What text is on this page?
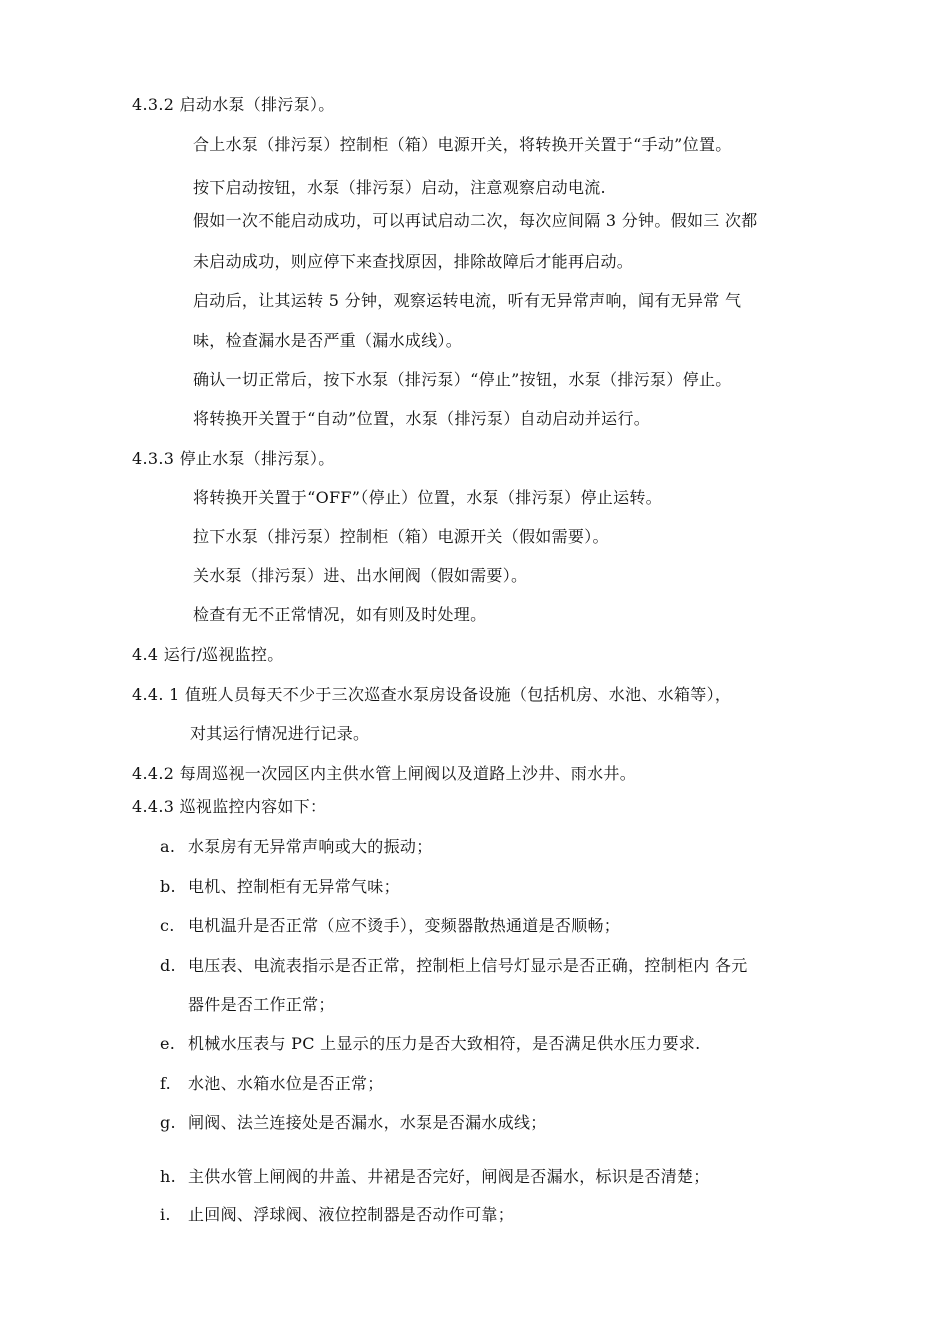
4.3.2 启动水泵（排污泵）。
合上水泵（排污泵）控制柜（箱）电源开关，将转换开关置于“手动”位置。
按下启动按钮，水泵（排污泵）启动，注意观察启动电流.
假如一次不能启动成功，可以再试启动二次，每次应间隔 3 分钟。假如三 次都
未启动成功，则应停下来查找原因，排除故障后才能再启动。
启动后，让其运转 5 分钟，观察运转电流，听有无异常声响，闻有无异常 气
味，检查漏水是否严重（漏水成线）。
确认一切正常后，按下水泵（排污泵）“停止”按钮，水泵（排污泵）停止。
将转换开关置于“自动”位置，水泵（排污泵）自动启动并运行。
4.3.3 停止水泵（排污泵）。
将转换开关置于“OFF”（停止）位置，水泵（排污泵）停止运转。
拉下水泵（排污泵）控制柜（箱）电源开关（假如需要）。
关水泵（排污泵）进、出水闸阀（假如需要）。
检查有无不正常情况，如有则及时处理。
4.4 运行/巡视监控。
4.4. 1 值班人员每天不少于三次巡查水泵房设备设施（包括机房、水池、水箱等），
对其运行情况进行记录。
4.4.2 每周巡视一次园区内主供水管上闸阀以及道路上沙井、雨水井。
4.4.3 巡视监控内容如下：
a. 水泵房有无异常声响或大的振动；
b. 电机、控制柜有无异常气味；
c. 电机温升是否正常（应不烫手），变频器散热通道是否顺畅；
d. 电压表、电流表指示是否正常，控制柜上信号灯显示是否正确，控制柜内 各元
器件是否工作正常；
e. 机械水压表与 PC 上显示的压力是否大致相符，是否满足供水压力要求.
f. 水池、水箱水位是否正常；
g. 闸阀、法兰连接处是否漏水，水泵是否漏水成线；
h. 主供水管上闸阀的井盖、井裙是否完好，闸阀是否漏水，标识是否清楚；
i. 止回阀、浮球阀、液位控制器是否动作可靠；
